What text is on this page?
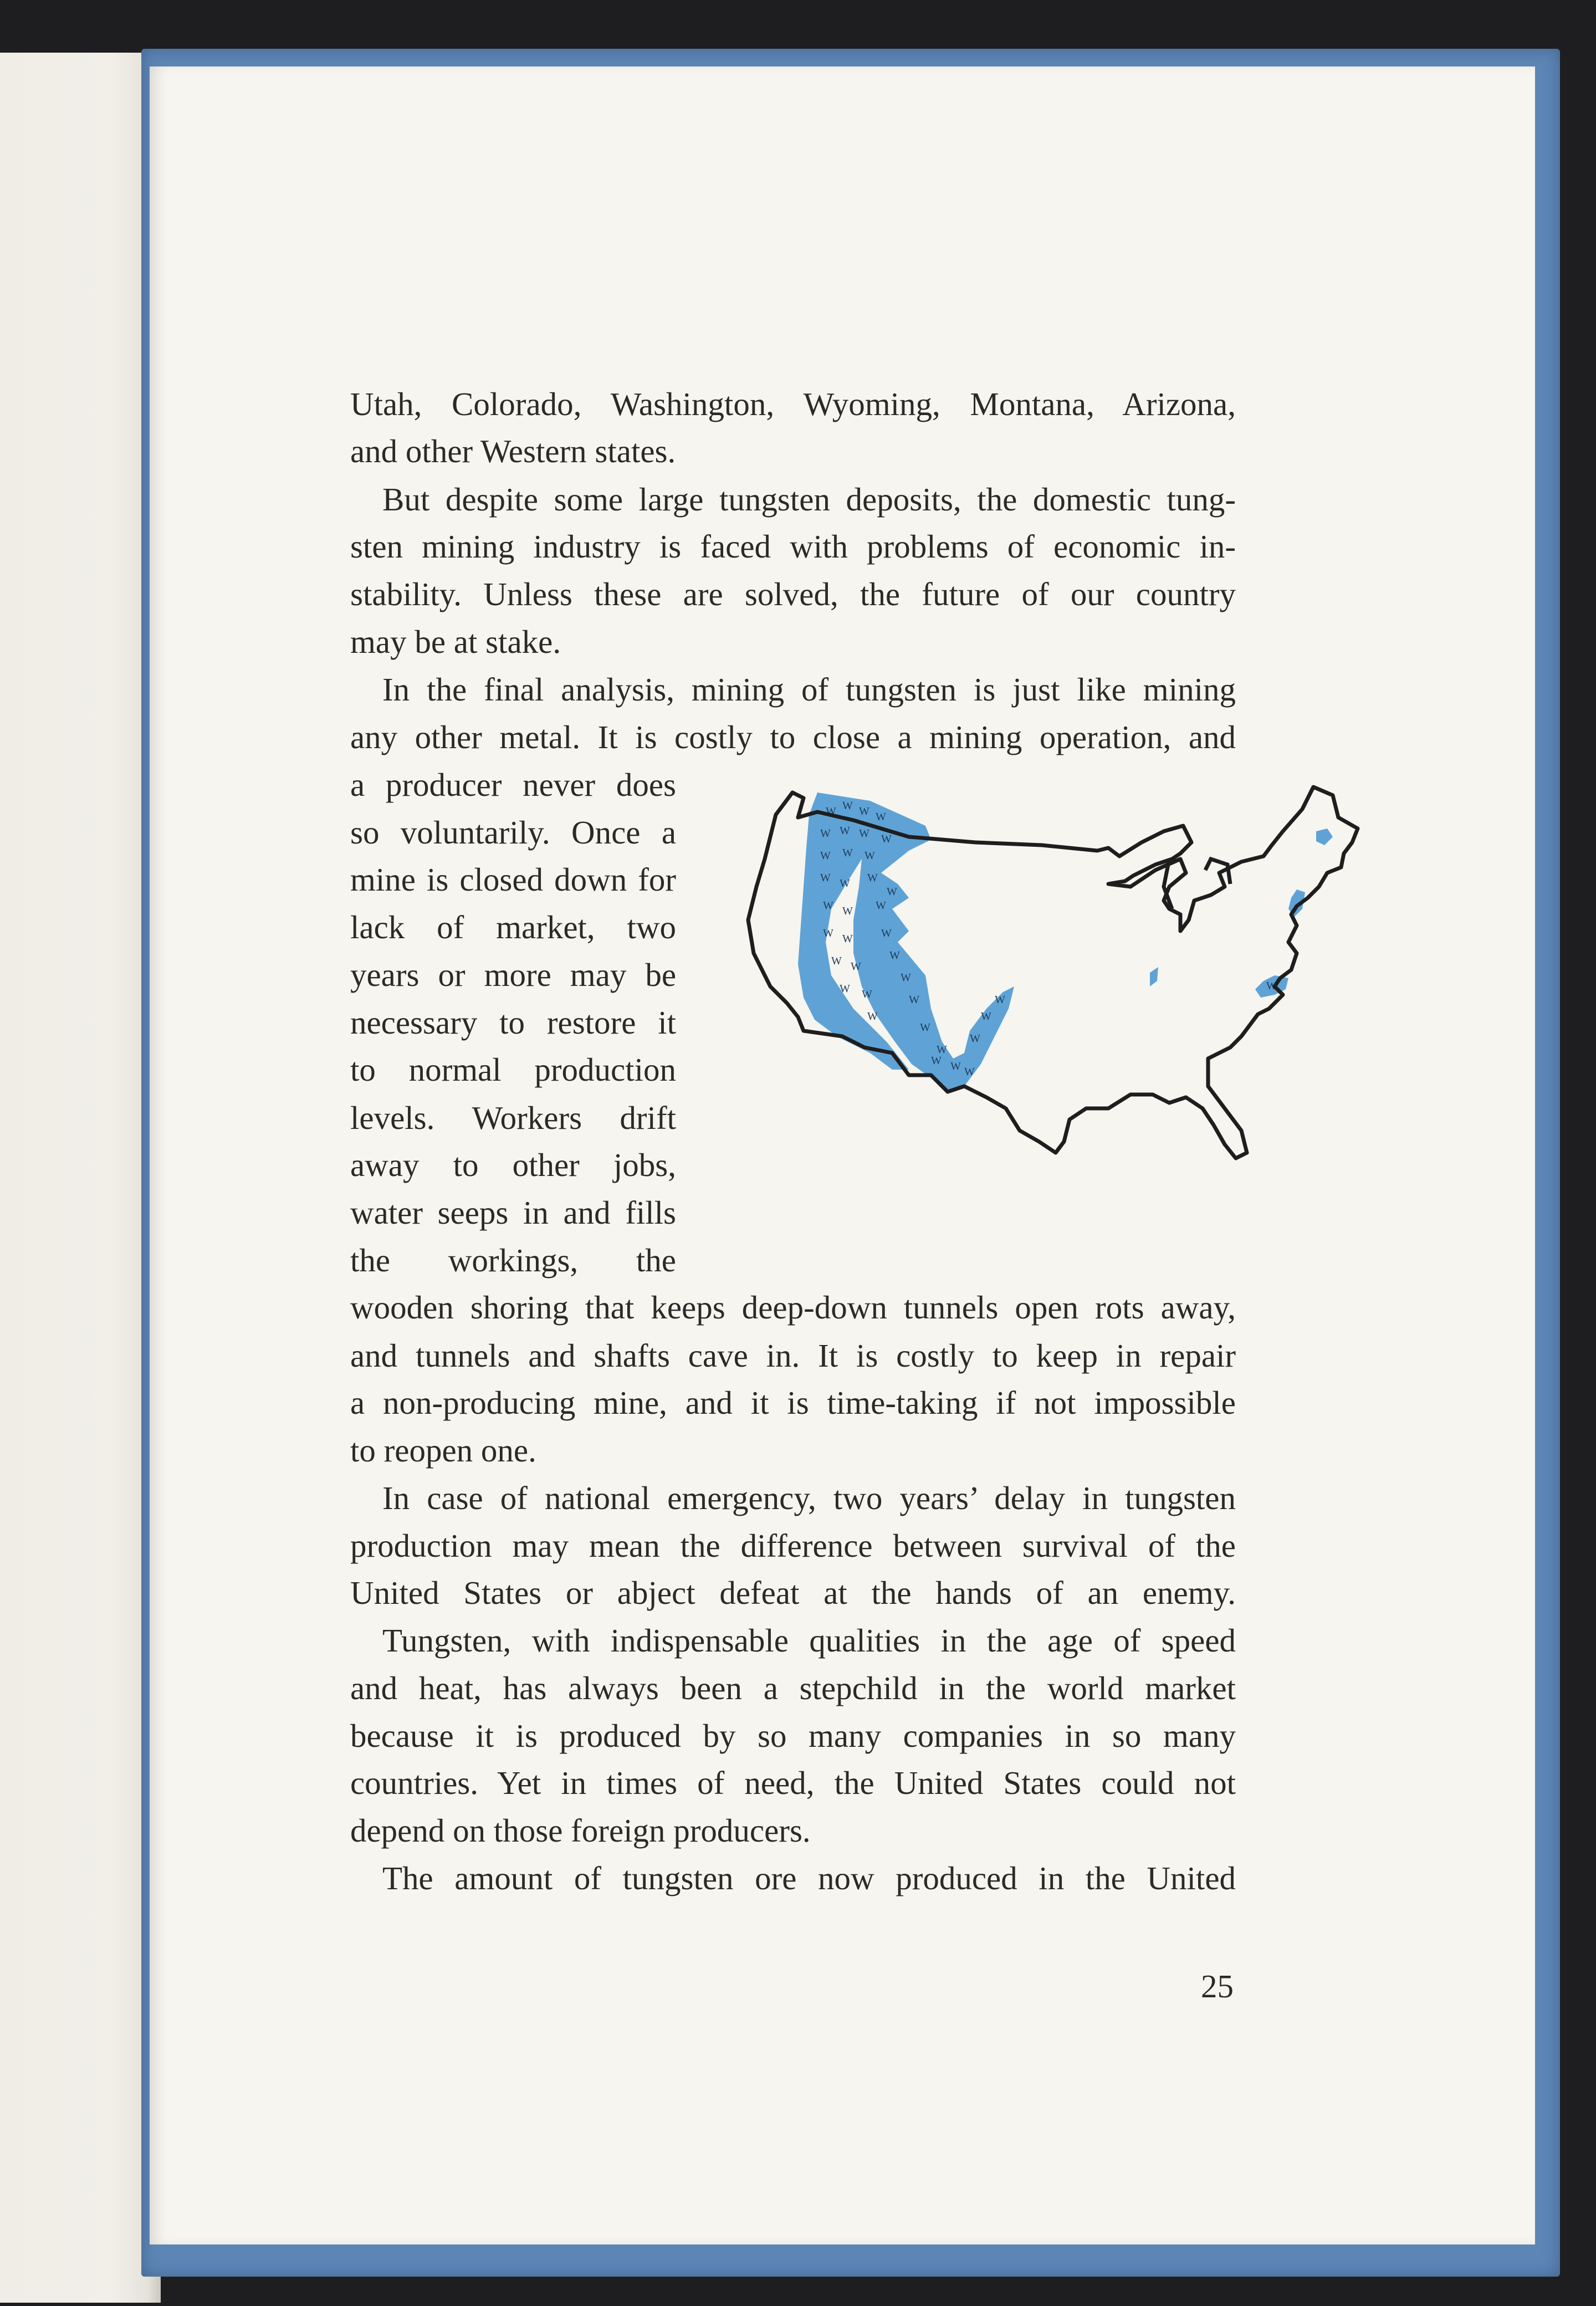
Utah, Colorado, Washington, Wyoming, Montana, Arizona,
and other Western states.
But despite some large tungsten deposits, the domestic tung-
sten mining industry is faced with problems of economic in-
stability. Unless these are solved, the future of our country
may be at stake.
In the final analysis, mining of tungsten is just like mining
any other metal. It is costly to close a mining operation, and
a producer never does
so voluntarily. Once a
mine is closed down for
lack of market, two
years or more may be
necessary to restore it
to normal production
levels. Workers drift
away to other jobs,
water seeps in and fills
the workings, the
wooden shoring that keeps deep-down tunnels open rots away,
and tunnels and shafts cave in. It is costly to keep in repair
a non-producing mine, and it is time-taking if not impossible
to reopen one.
In case of national emergency, two years’ delay in tungsten
production may mean the difference between survival of the
United States or abject defeat at the hands of an enemy.
Tungsten, with indispensable qualities in the age of speed
and heat, has always been a stepchild in the world market
because it is produced by so many companies in so many
countries. Yet in times of need, the United States could not
depend on those foreign producers.
The amount of tungsten ore now produced in the United
25
W W W W
W W W W
W W W
W W W
W
W W W
W W	W
W W
W
W W
W
W
W
W
W
W
W
W
W
W
W
W
